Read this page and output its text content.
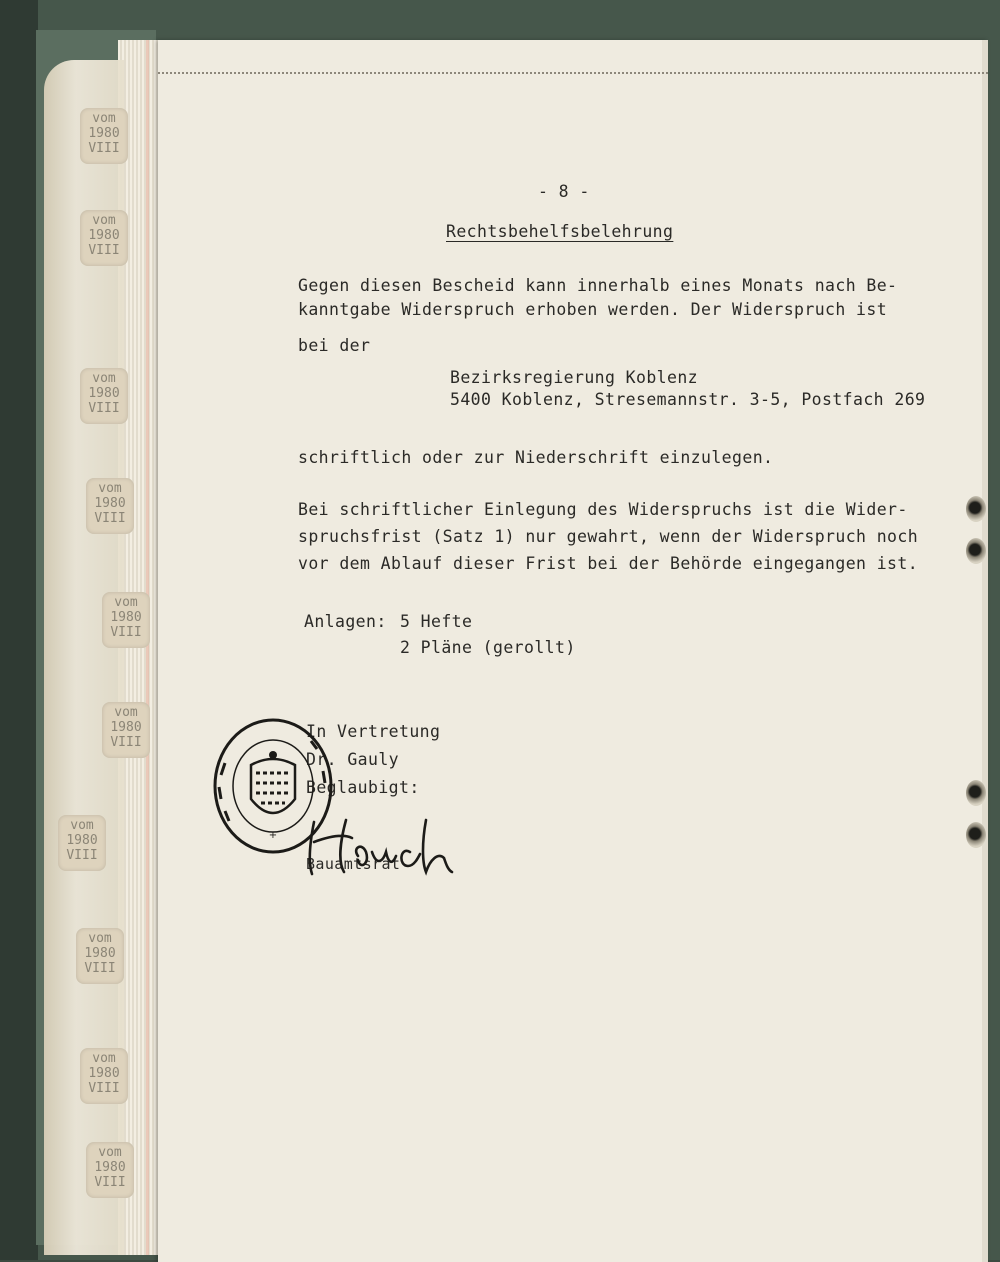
vom
1980
VIII
vom
1980
VIII
vom
1980
VIII
vom
1980
VIII
vom
1980
VIII
vom
1980
VIII
vom
1980
VIII
vom
1980
VIII
vom
1980
VIII
vom
1980
VIII
- 8 -
Rechtsbehelfsbelehrung
Gegen diesen Bescheid kann innerhalb eines Monats nach Be-
kanntgabe Widerspruch erhoben werden. Der Widerspruch ist
bei der
Bezirksregierung Koblenz
5400 Koblenz, Stresemannstr. 3-5, Postfach 269
schriftlich oder zur Niederschrift einzulegen.
Bei schriftlicher Einlegung des Widerspruchs ist die Wider-
spruchsfrist (Satz 1) nur gewahrt, wenn der Widerspruch noch
vor dem Ablauf dieser Frist bei der Behörde eingegangen ist.
Anlagen: 5 Hefte
2 Pläne (gerollt)
In Vertretung
Dr. Gauly
Beglaubigt:
Bauamtsrat
+
